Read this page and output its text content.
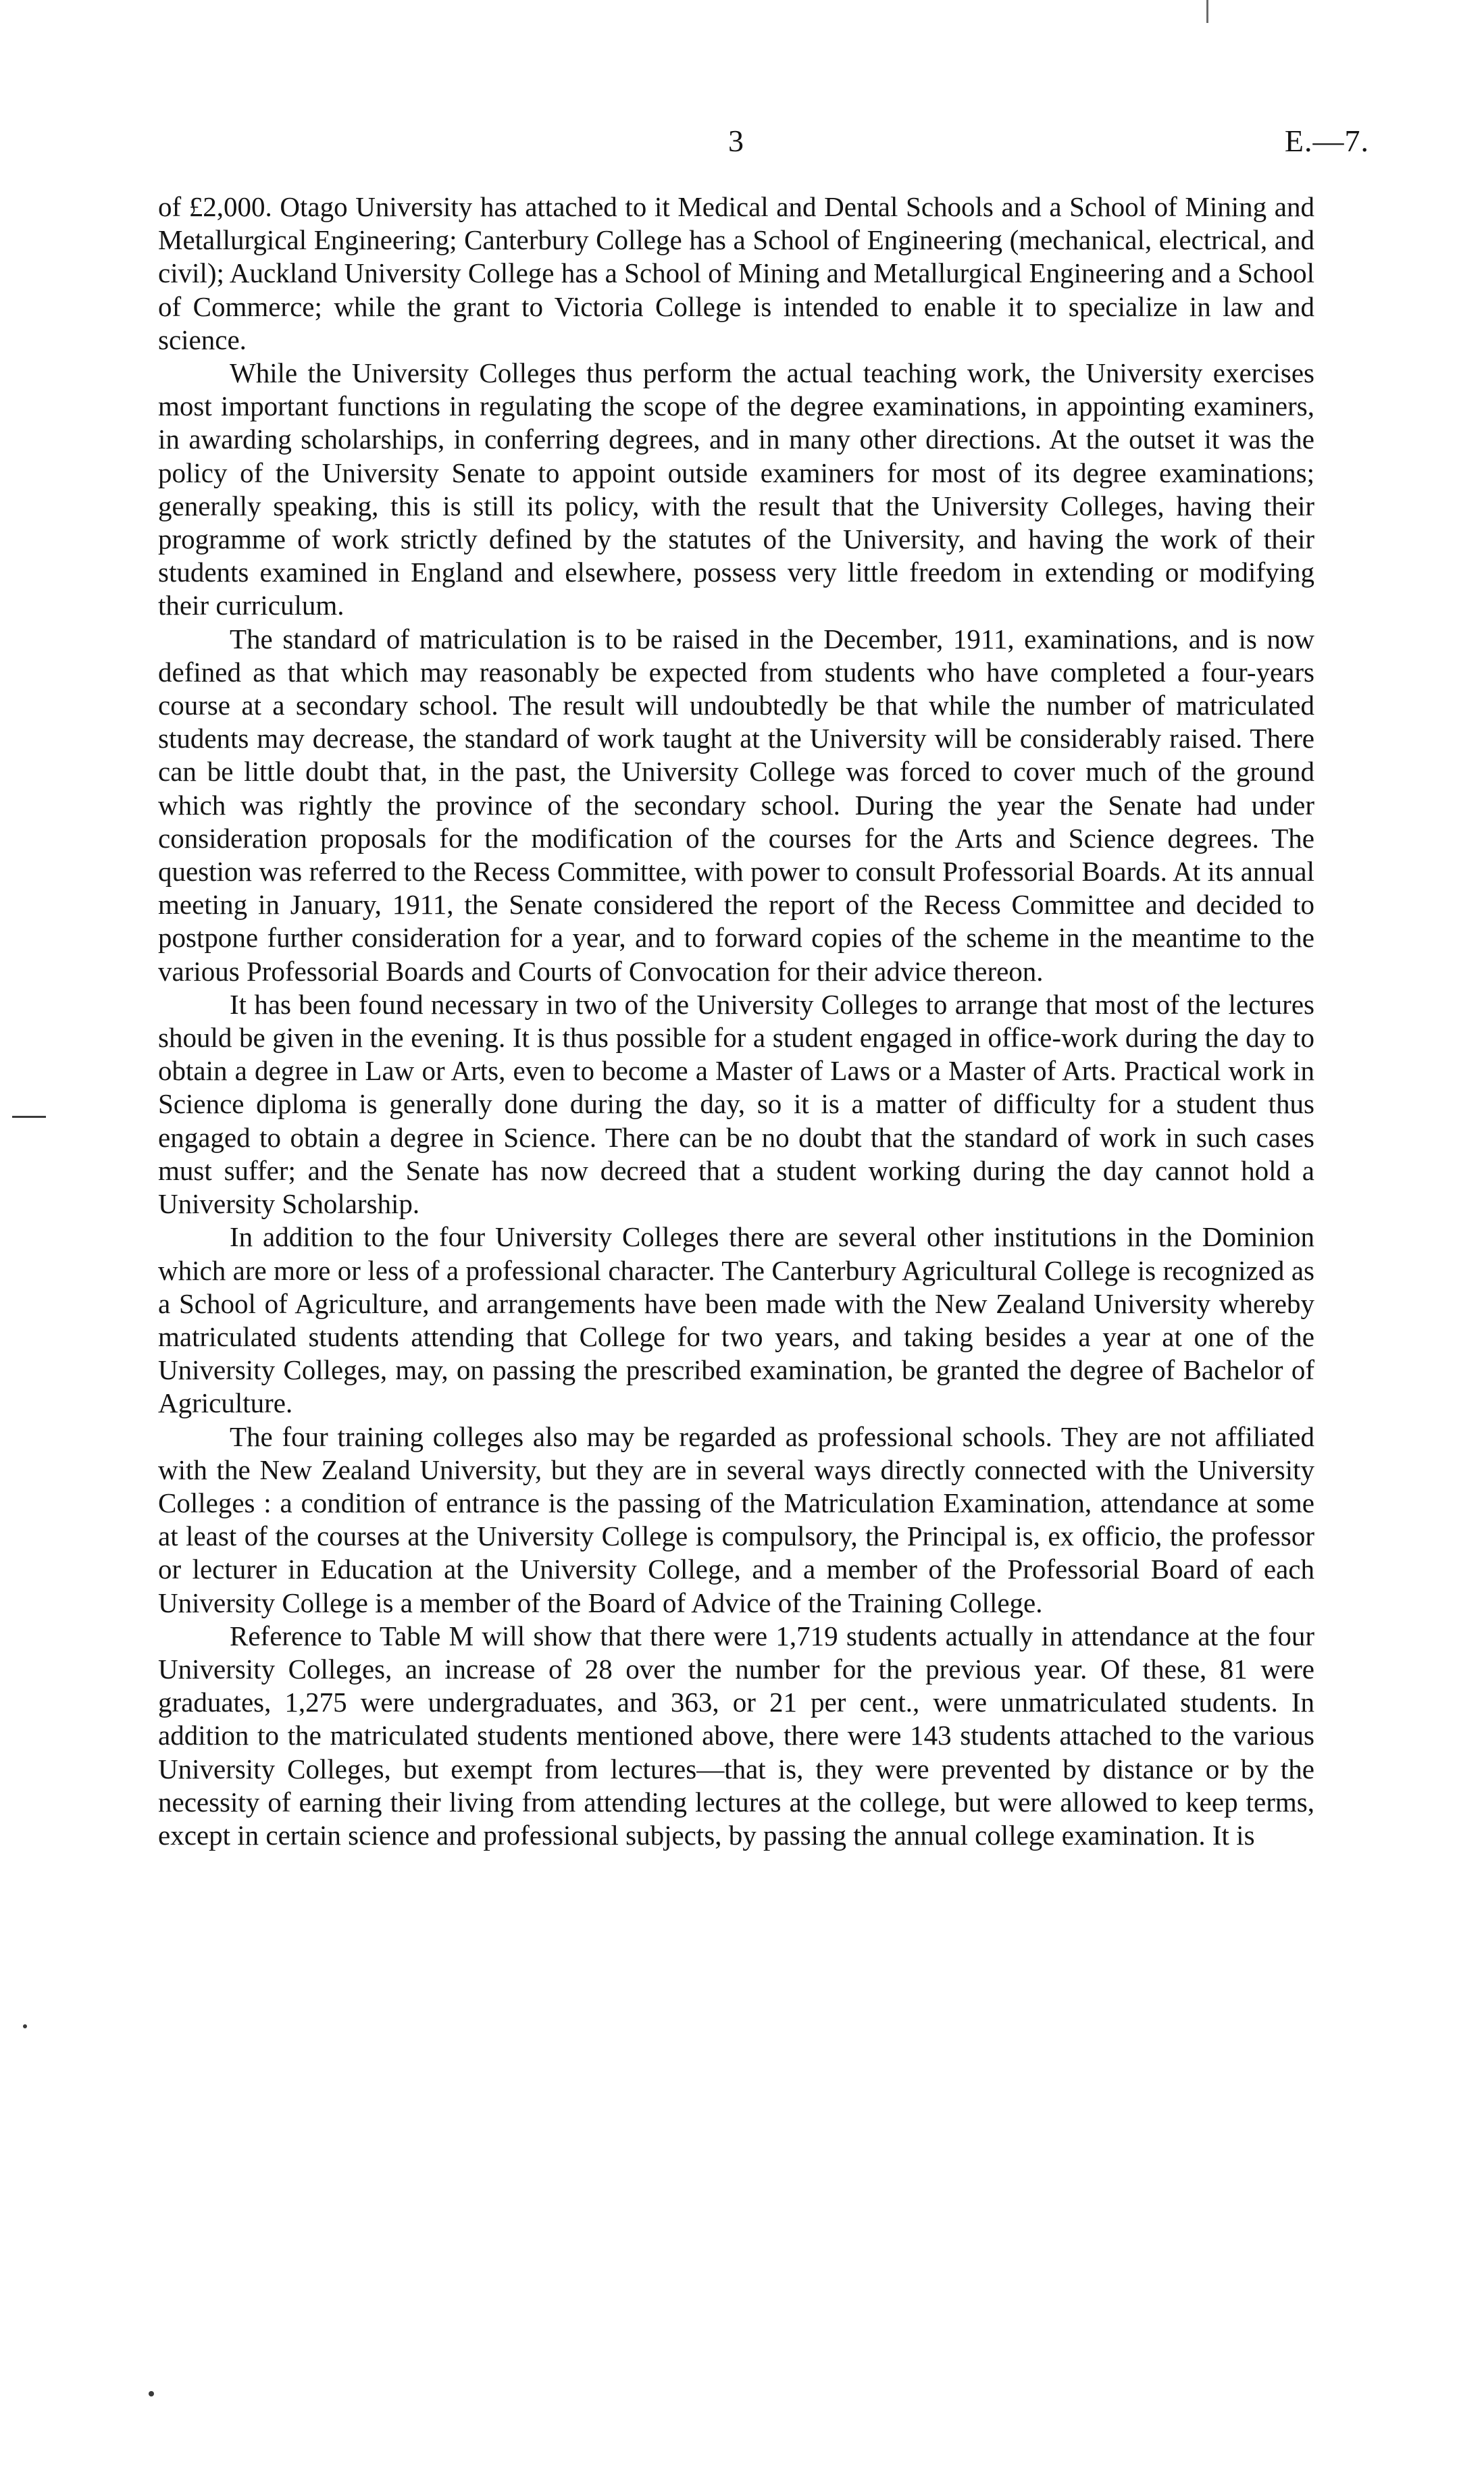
3	E.—7.

of £2,000. Otago University has attached to it Medical and Dental Schools and a School of Mining and Metallurgical Engineering; Canterbury College has a School of Engineering (mechanical, electrical, and civil); Auckland University College has a School of Mining and Metallurgical Engineering and a School of Commerce; while the grant to Victoria College is intended to enable it to specialize in law and science.

While the University Colleges thus perform the actual teaching work, the University exercises most important functions in regulating the scope of the degree examinations, in appointing examiners, in awarding scholarships, in conferring degrees, and in many other directions. At the outset it was the policy of the University Senate to appoint outside examiners for most of its degree examinations; generally speaking, this is still its policy, with the result that the University Colleges, having their programme of work strictly defined by the statutes of the University, and having the work of their students examined in England and elsewhere, possess very little freedom in extending or modifying their curriculum.

The standard of matriculation is to be raised in the December, 1911, examinations, and is now defined as that which may reasonably be expected from students who have completed a four-years course at a secondary school. The result will undoubtedly be that while the number of matriculated students may decrease, the standard of work taught at the University will be considerably raised. There can be little doubt that, in the past, the University College was forced to cover much of the ground which was rightly the province of the secondary school. During the year the Senate had under consideration proposals for the modification of the courses for the Arts and Science degrees. The question was referred to the Recess Committee, with power to consult Professorial Boards. At its annual meeting in January, 1911, the Senate considered the report of the Recess Committee and decided to postpone further consideration for a year, and to forward copies of the scheme in the meantime to the various Professorial Boards and Courts of Convocation for their advice thereon.

It has been found necessary in two of the University Colleges to arrange that most of the lectures should be given in the evening. It is thus possible for a student engaged in office-work during the day to obtain a degree in Law or Arts, even to become a Master of Laws or a Master of Arts. Practical work in Science diploma is generally done during the day, so it is a matter of difficulty for a student thus engaged to obtain a degree in Science. There can be no doubt that the standard of work in such cases must suffer; and the Senate has now decreed that a student working during the day cannot hold a University Scholarship.

In addition to the four University Colleges there are several other institutions in the Dominion which are more or less of a professional character. The Canterbury Agricultural College is recognized as a School of Agriculture, and arrangements have been made with the New Zealand University whereby matriculated students attending that College for two years, and taking besides a year at one of the University Colleges, may, on passing the prescribed examination, be granted the degree of Bachelor of Agriculture.

The four training colleges also may be regarded as professional schools. They are not affiliated with the New Zealand University, but they are in several ways directly connected with the University Colleges : a condition of entrance is the passing of the Matriculation Examination, attendance at some at least of the courses at the University College is compulsory, the Principal is, ex officio, the professor or lecturer in Education at the University College, and a member of the Professorial Board of each University College is a member of the Board of Advice of the Training College.

Reference to Table M will show that there were 1,719 students actually in attendance at the four University Colleges, an increase of 28 over the number for the previous year. Of these, 81 were graduates, 1,275 were undergraduates, and 363, or 21 per cent., were unmatriculated students. In addition to the matriculated students mentioned above, there were 143 students attached to the various University Colleges, but exempt from lectures—that is, they were prevented by distance or by the necessity of earning their living from attending lectures at the college, but were allowed to keep terms, except in certain science and professional subjects, by passing the annual college examination. It is
